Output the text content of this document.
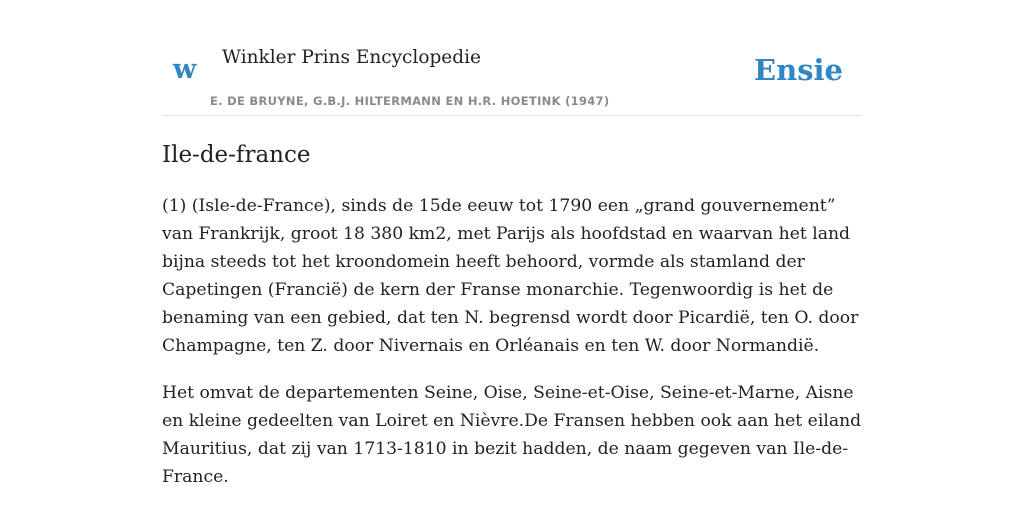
w Winkler Prins Encyclopedie
E. DE BRUYNE, G.B.J. HILTERMANN EN H.R. HOETINK (1947)
Ensie
Ile-de-france

(1) (Isle-de-France), sinds de 15de eeuw tot 1790 een „grand gouvernement” van Frankrijk, groot 18 380 km2, met Parijs als hoofdstad en waarvan het land bijna steeds tot het kroondomein heeft behoord, vormde als stamland der Capetingen (Francië) de kern der Franse monarchie. Tegenwoordig is het de benaming van een gebied, dat ten N. begrensd wordt door Picardië, ten O. door Champagne, ten Z. door Nivernais en Orléanais en ten W. door Normandië.

Het omvat de departementen Seine, Oise, Seine-et-Oise, Seine-et-Marne, Aisne en kleine gedeelten van Loiret en Nièvre.De Fransen hebben ook aan het eiland Mauritius, dat zij van 1713-1810 in bezit hadden, de naam gegeven van Ile-de-France.
